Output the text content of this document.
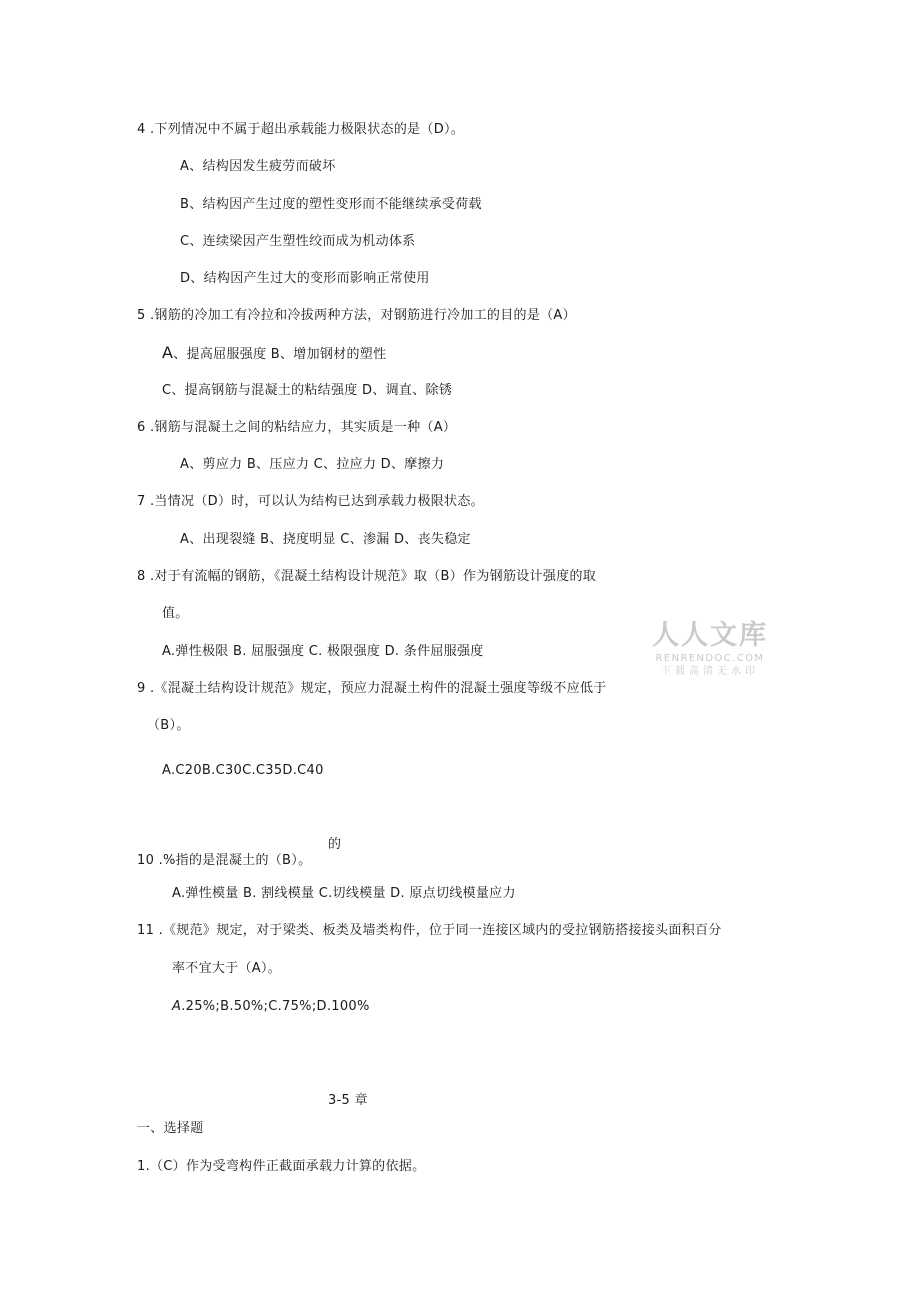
4 .下列情况中不属于超出承载能力极限状态的是（D）。
A、结构因发生疲劳而破坏
B、结构因产生过度的塑性变形而不能继续承受荷载
C、连续梁因产生塑性绞而成为机动体系
D、结构因产生过大的变形而影响正常使用
5 .钢筋的冷加工有冷拉和冷拔两种方法，对钢筋进行冷加工的目的是（A）
A、提高屈服强度 B、增加钢材的塑性
C、提高钢筋与混凝土的粘结强度 D、调直、除锈
6 .钢筋与混凝土之间的粘结应力，其实质是一种（A）
A、剪应力 B、压应力 C、拉应力 D、摩擦力
7 .当情况（D）时，可以认为结构已达到承载力极限状态。
A、出现裂缝 B、挠度明显 C、渗漏 D、丧失稳定
8 .对于有流幅的钢筋，《混凝土结构设计规范》取（B）作为钢筋设计强度的取
值。
A.弹性极限 B. 屈服强度 C. 极限强度 D. 条件屈服强度
9 .《混凝土结构设计规范》规定，预应力混凝土构件的混凝土强度等级不应低于
（B）。
A.C20B.C30C.C35D.C40
的
10 .%指的是混凝土的（B）。
A.弹性模量 B. 割线模量 C.切线模量 D. 原点切线模量应力
11 .《规范》规定，对于梁类、板类及墙类构件，位于同一连接区域内的受拉钢筋搭接接头面积百分
率不宜大于（A）。
A.25%;B.50%;C.75%;D.100%
3-5 章
一、选择题
1.（C）作为受弯构件正截面承载力计算的依据。
人人文库
RENRENDOC.COM
下载高清无水印
